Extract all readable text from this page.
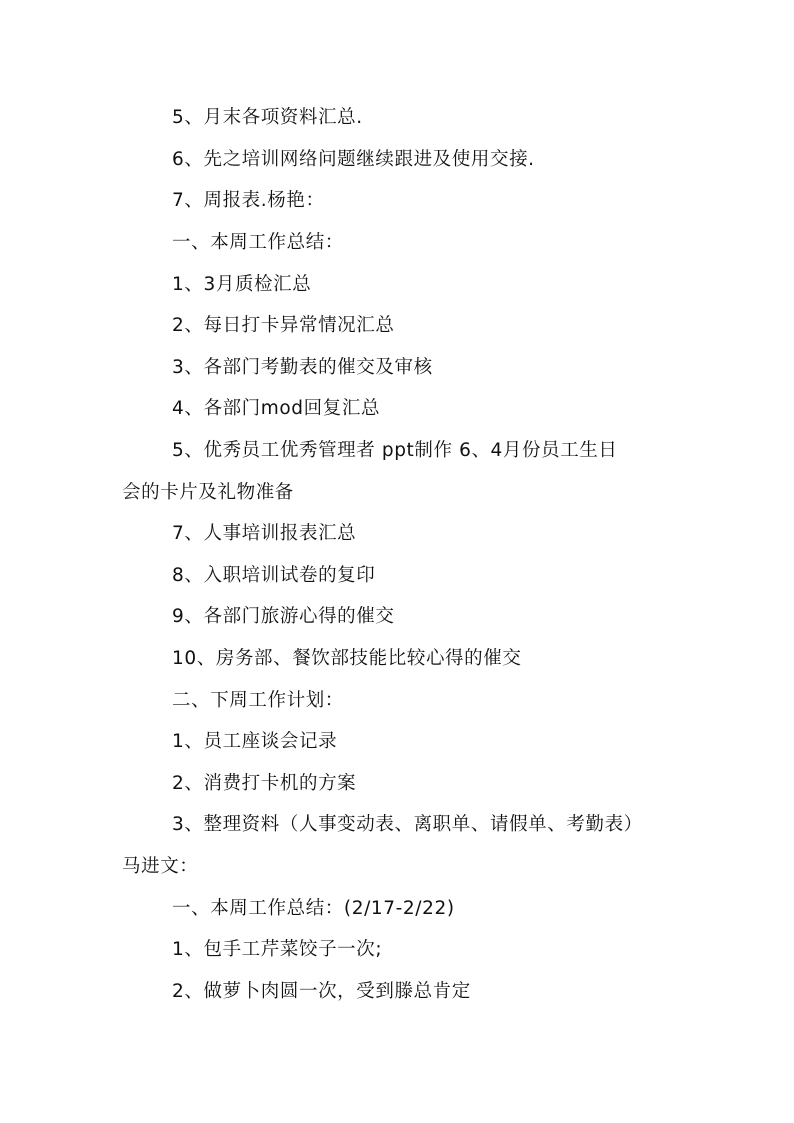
5、月末各项资料汇总.
6、先之培训网络问题继续跟进及使用交接.
7、周报表.杨艳：
一、本周工作总结：
1、3月质检汇总
2、每日打卡异常情况汇总
3、各部门考勤表的催交及审核
4、各部门mod回复汇总
5、优秀员工优秀管理者 ppt制作 6、4月份员工生日
会的卡片及礼物准备
7、人事培训报表汇总
8、入职培训试卷的复印
9、各部门旅游心得的催交
10、房务部、餐饮部技能比较心得的催交
二、下周工作计划：
1、员工座谈会记录
2、消费打卡机的方案
3、整理资料（人事变动表、离职单、请假单、考勤表）
马进文：
一、本周工作总结：(2/17-2/22)
1、包手工芹菜饺子一次;
2、做萝卜肉圆一次，受到滕总肯定
